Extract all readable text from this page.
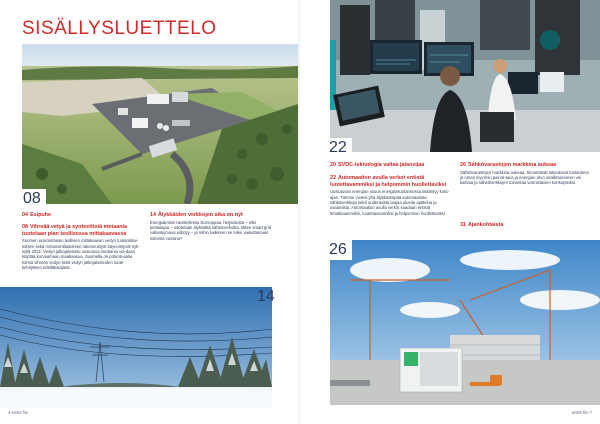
SISÄLLYSLUETTELO
08
04 Esipuhe
08 Vihreää vetyä ja synteettistä metaania tuotetaan pian teollisessa mittakaavassa
Suomen ensimmäisen teollisen mittakaavan vedyn tuotantolai-toksen sekä metanointilaitoksen rakennustyöt käynnistyvät syk-syllä 2022. Vedyn jatkojalostetu uusiutuva metaania voi-daan käyttää korvaamaan maakaasua. Suomella on potenti-aalia toimia vihreän vedyn sekä vedyn jatkojalosteiden tuote-kehityksen edelläkävijänä.
14 Älykkäiden verkkojen aika on nyt
Energiakriisin ravistellessa Eurooppaa, herjaotusta – ellei pelastajaa – odotetaan älykkäiltä sähköverkoilta. Miten smart grid vallankumous edistyy – ja mihin kaikkeen se tulee vaikuttamaan tulevina vuosina?
14
4 ensto fiin
22
20 SVDC-teknologia valtaa jalansijaa
22 Automaation avulla verkot entistä luotettavammiksi ja helpommin huollettaviksi
Uusiutuvan energian osuus energiantuotannossa lisääntyy koko ajan. Tämme vuoksi yhä älykkäämpää automaatiota sähköverkkoja sekä uudenlaista laajaa alueita ajattelua ja osaamista. Automaation avulla verkot saadaan entistä tehokkaammiksi, luotettavammiksi ja helpommin huollettaviksi.
26 Sähkövarastojen markkina aukeaa
Sähkövarastojen markkina aukeaa. Sinnettävät tukeutuvat tuotantoon ja oman myynnin painot-tava ja energian arvo osallistumiseen voi kasvaa ja sähköverkkojen toimintaa varmistavien konsepteiksi.
31 Ajankohtaista
26
ensto fiin 7
